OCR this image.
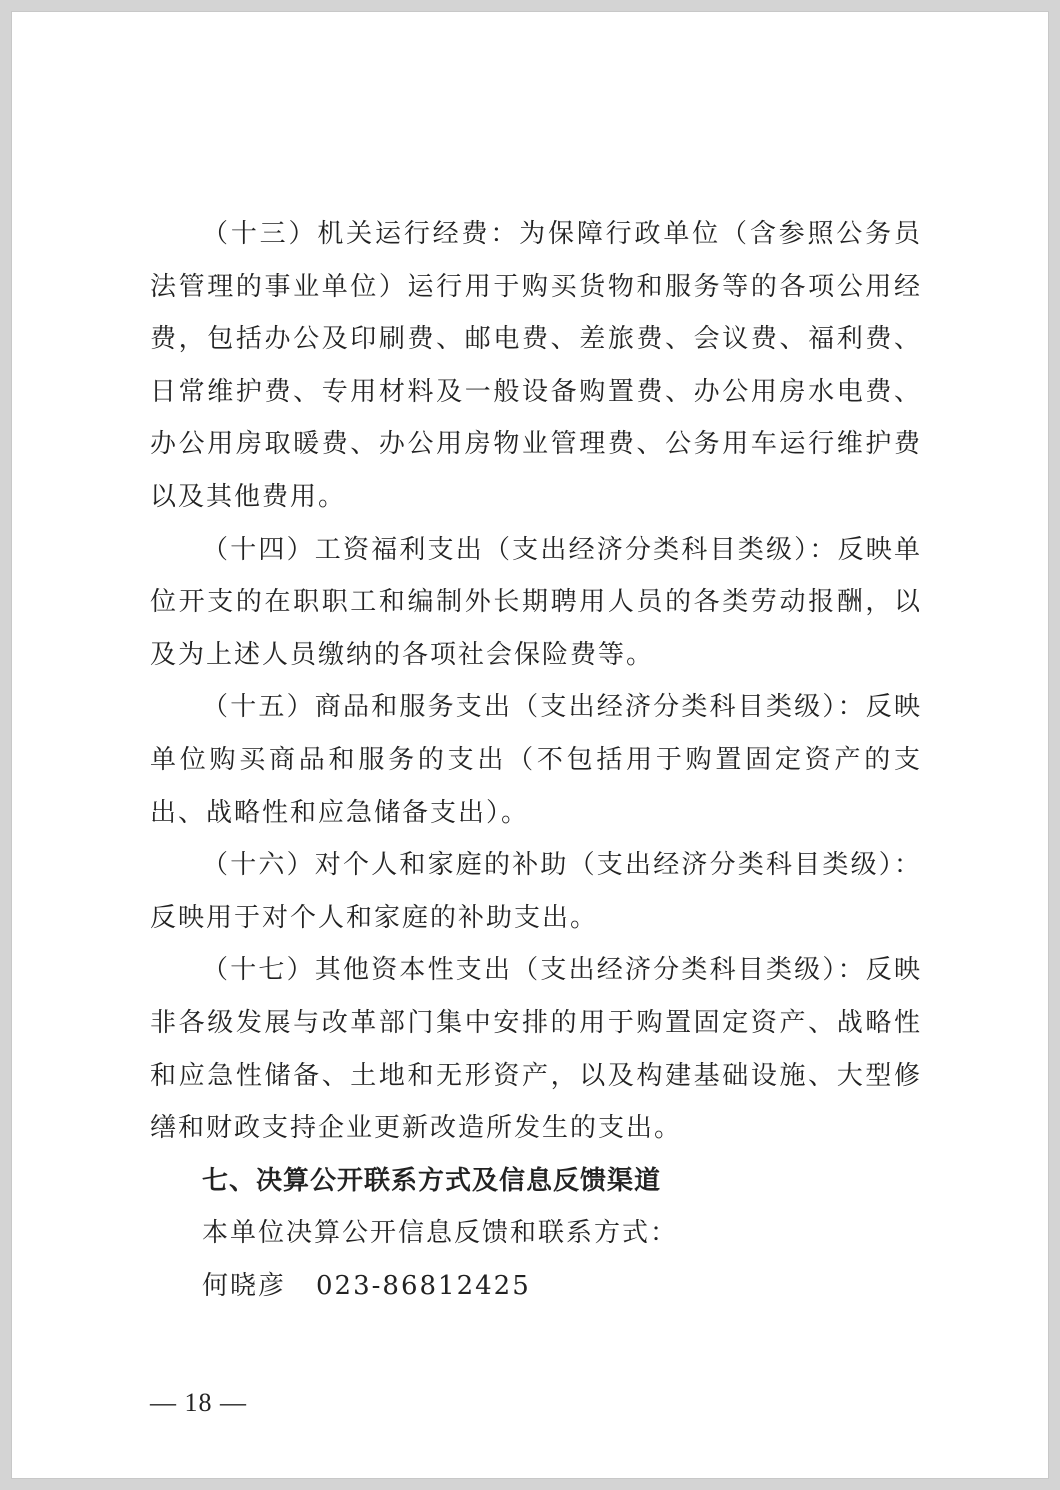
（十三）机关运行经费：为保障行政单位（含参照公务员法管理的事业单位）运行用于购买货物和服务等的各项公用经费，包括办公及印刷费、邮电费、差旅费、会议费、福利费、日常维护费、专用材料及一般设备购置费、办公用房水电费、办公用房取暖费、办公用房物业管理费、公务用车运行维护费以及其他费用。

（十四）工资福利支出（支出经济分类科目类级）：反映单位开支的在职职工和编制外长期聘用人员的各类劳动报酬，以及为上述人员缴纳的各项社会保险费等。

（十五）商品和服务支出（支出经济分类科目类级）：反映单位购买商品和服务的支出（不包括用于购置固定资产的支出、战略性和应急储备支出）。

（十六）对个人和家庭的补助（支出经济分类科目类级）：反映用于对个人和家庭的补助支出。

（十七）其他资本性支出（支出经济分类科目类级）：反映非各级发展与改革部门集中安排的用于购置固定资产、战略性和应急性储备、土地和无形资产，以及构建基础设施、大型修缮和财政支持企业更新改造所发生的支出。

七、决算公开联系方式及信息反馈渠道

本单位决算公开信息反馈和联系方式：

何晓彦 023-86812425

— 18 —
